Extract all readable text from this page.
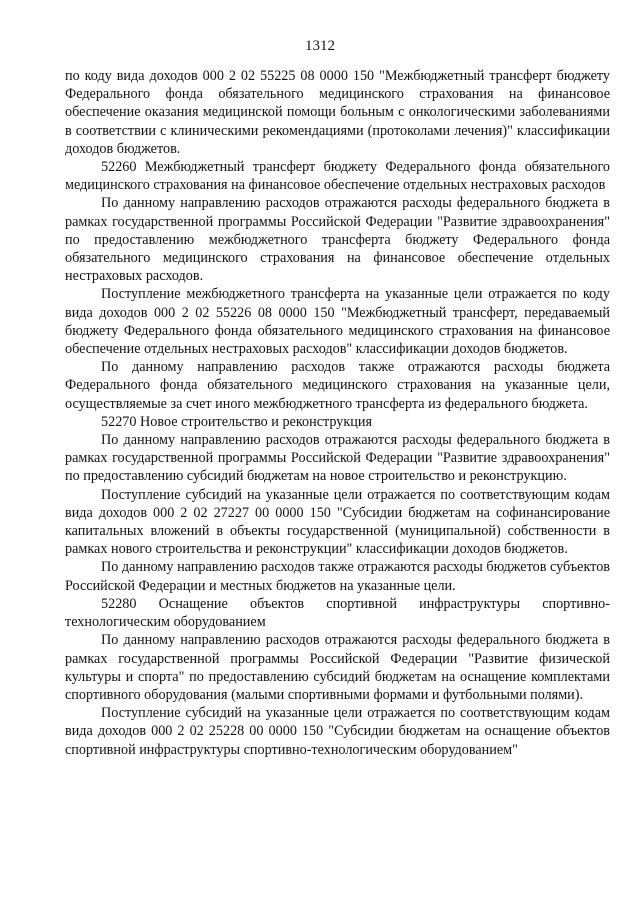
1312

по коду вида доходов 000 2 02 55225 08 0000 150 "Межбюджетный трансферт бюджету Федерального фонда обязательного медицинского страхования на финансовое обеспечение оказания медицинской помощи больным с онкологическими заболеваниями в соответствии с клиническими рекомендациями (протоколами лечения)" классификации доходов бюджетов.

52260 Межбюджетный трансферт бюджету Федерального фонда обязательного медицинского страхования на финансовое обеспечение отдельных нестраховых расходов

По данному направлению расходов отражаются расходы федерального бюджета в рамках государственной программы Российской Федерации "Развитие здравоохранения" по предоставлению межбюджетного трансферта бюджету Федерального фонда обязательного медицинского страхования на финансовое обеспечение отдельных нестраховых расходов.

Поступление межбюджетного трансферта на указанные цели отражается по коду вида доходов 000 2 02 55226 08 0000 150 "Межбюджетный трансферт, передаваемый бюджету Федерального фонда обязательного медицинского страхования на финансовое обеспечение отдельных нестраховых расходов" классификации доходов бюджетов.

По данному направлению расходов также отражаются расходы бюджета Федерального фонда обязательного медицинского страхования на указанные цели, осуществляемые за счет иного межбюджетного трансферта из федерального бюджета.

52270 Новое строительство и реконструкция

По данному направлению расходов отражаются расходы федерального бюджета в рамках государственной программы Российской Федерации "Развитие здравоохранения" по предоставлению субсидий бюджетам на новое строительство и реконструкцию.

Поступление субсидий на указанные цели отражается по соответствующим кодам вида доходов 000 2 02 27227 00 0000 150 "Субсидии бюджетам на софинансирование капитальных вложений в объекты государственной (муниципальной) собственности в рамках нового строительства и реконструкции" классификации доходов бюджетов.

По данному направлению расходов также отражаются расходы бюджетов субъектов Российской Федерации и местных бюджетов на указанные цели.

52280 Оснащение объектов спортивной инфраструктуры спортивно-технологическим оборудованием

По данному направлению расходов отражаются расходы федерального бюджета в рамках государственной программы Российской Федерации "Развитие физической культуры и спорта" по предоставлению субсидий бюджетам на оснащение комплектами спортивного оборудования (малыми спортивными формами и футбольными полями).

Поступление субсидий на указанные цели отражается по соответствующим кодам вида доходов 000 2 02 25228 00 0000 150 "Субсидии бюджетам на оснащение объектов спортивной инфраструктуры спортивно-технологическим оборудованием"
